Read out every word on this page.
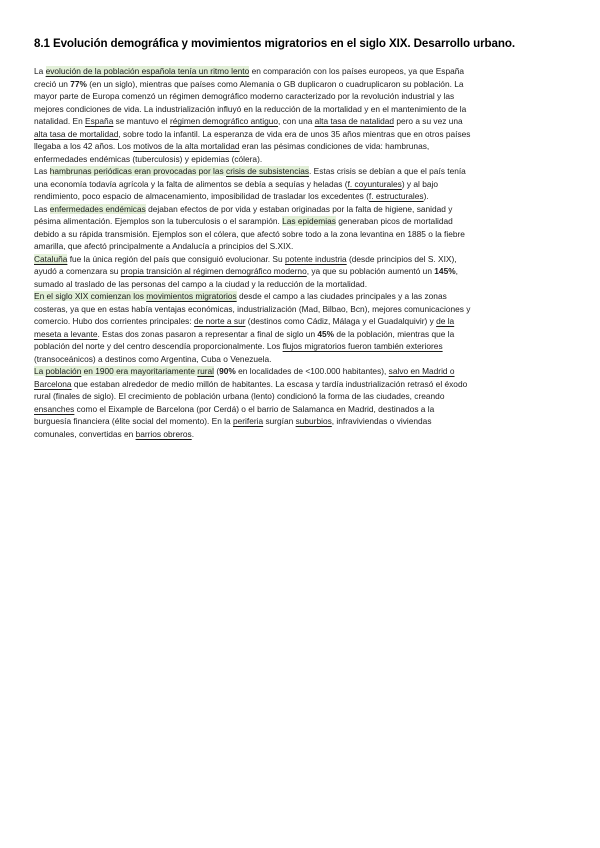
8.1 Evolución demográfica y movimientos migratorios en el siglo XIX. Desarrollo urbano.
La evolución de la población española tenía un ritmo lento en comparación con los países europeos, ya que España
creció un 77% (en un siglo), mientras que países como Alemania o GB duplicaron o cuadruplicaron su población. La
mayor parte de Europa comenzó un régimen demográfico moderno caracterizado por la revolución industrial y las
mejores condiciones de vida. La industrialización influyó en la reducción de la mortalidad y en el mantenimiento de la
natalidad. En España se mantuvo el régimen demográfico antiguo, con una alta tasa de natalidad pero a su vez una
alta tasa de mortalidad, sobre todo la infantil. La esperanza de vida era de unos 35 años mientras que en otros países
llegaba a los 42 años. Los motivos de la alta mortalidad eran las pésimas condiciones de vida: hambrunas,
enfermedades endémicas (tuberculosis) y epidemias (cólera).
Las hambrunas periódicas eran provocadas por las crisis de subsistencias. Estas crisis se debían a que el país tenía
una economía todavía agrícola y la falta de alimentos se debía a sequías y heladas (f. coyunturales) y al bajo
rendimiento, poco espacio de almacenamiento, imposibilidad de trasladar los excedentes (f. estructurales).
Las enfermedades endémicas dejaban efectos de por vida y estaban originadas por la falta de higiene, sanidad y
pésima alimentación. Ejemplos son la tuberculosis o el sarampión. Las epidemias generaban picos de mortalidad
debido a su rápida transmisión. Ejemplos son el cólera, que afectó sobre todo a la zona levantina en 1885 o la fiebre
amarilla, que afectó principalmente a Andalucía a principios del S.XIX.
Cataluña fue la única región del país que consiguió evolucionar. Su potente industria (desde principios del S. XIX),
ayudó a comenzara su propia transición al régimen demográfico moderno, ya que su población aumentó un 145%,
sumado al traslado de las personas del campo a la ciudad y la reducción de la mortalidad.
En el siglo XIX comienzan los movimientos migratorios desde el campo a las ciudades principales y a las zonas
costeras, ya que en estas había ventajas económicas, industrialización (Mad, Bilbao, Bcn), mejores comunicaciones y
comercio. Hubo dos corrientes principales: de norte a sur (destinos como Cádiz, Málaga y el Guadalquivir) y de la
meseta a levante. Estas dos zonas pasaron a representar a final de siglo un 45% de la población, mientras que la
población del norte y del centro descendía proporcionalmente. Los flujos migratorios fueron también exteriores
(transoceánicos) a destinos como Argentina, Cuba o Venezuela.
La población en 1900 era mayoritariamente rural (90% en localidades de <100.000 habitantes), salvo en Madrid o
Barcelona que estaban alrededor de medio millón de habitantes. La escasa y tardía industrialización retrasó el éxodo
rural (finales de siglo). El crecimiento de población urbana (lento) condicionó la forma de las ciudades, creando
ensanches como el Eixample de Barcelona (por Cerdá) o el barrio de Salamanca en Madrid, destinados a la
burguesía financiera (élite social del momento). En la periferia surgían suburbios, infraviviendas o viviendas
comunales, convertidas en barrios obreros.
